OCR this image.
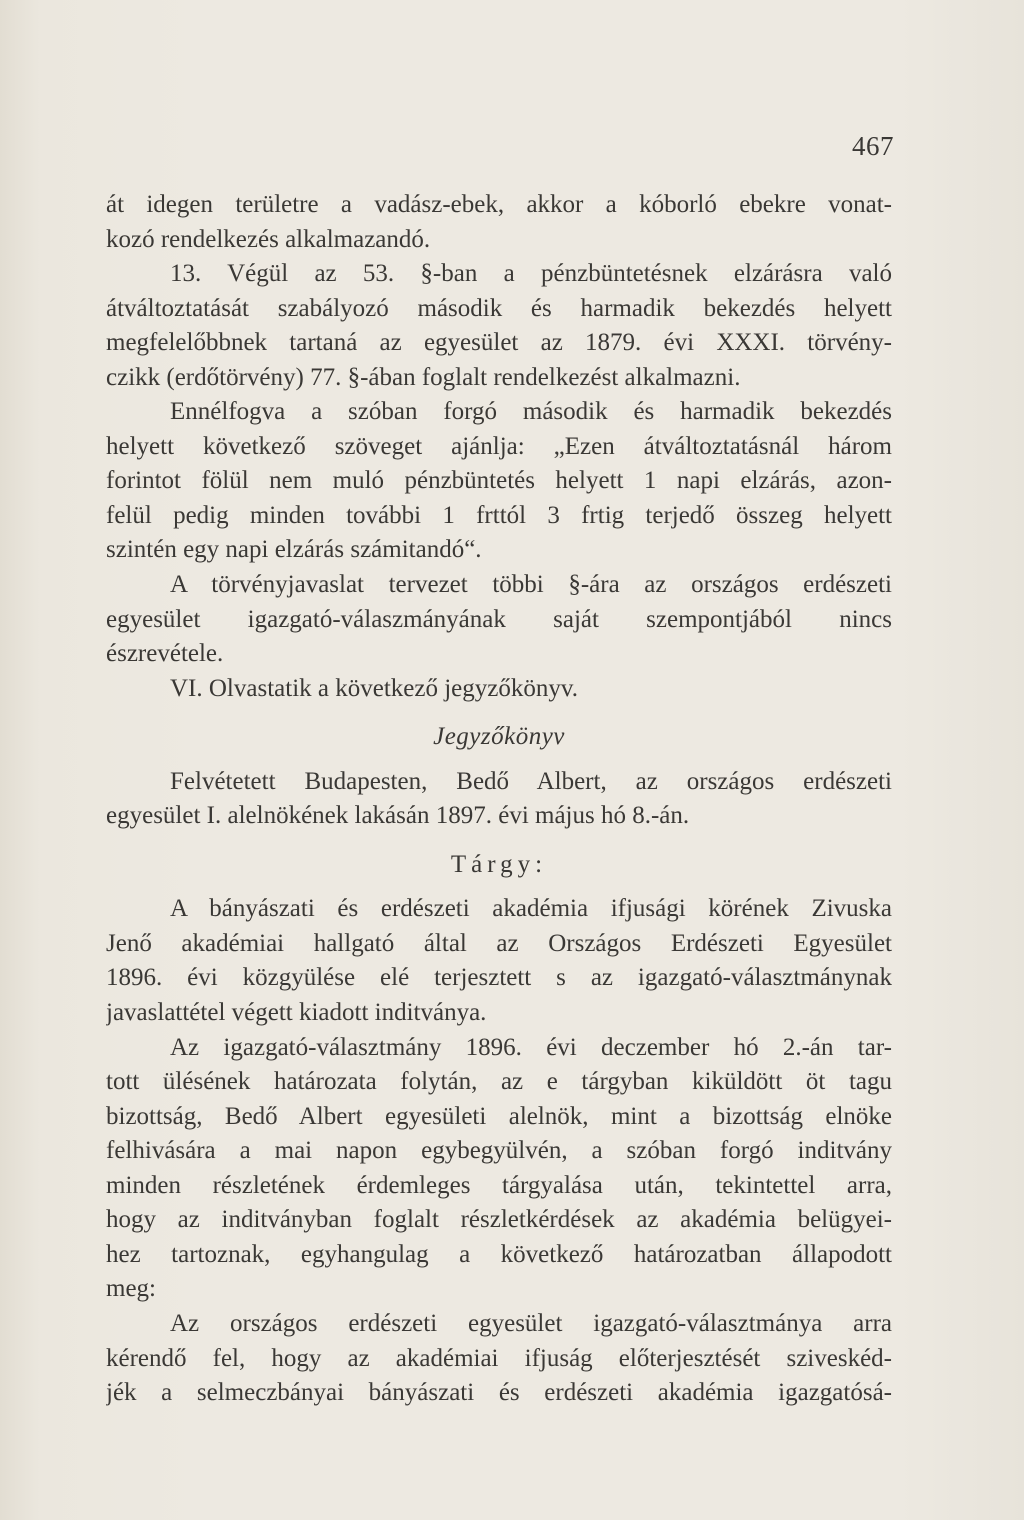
467
át idegen területre a vadász-ebek, akkor a kóborló ebekre vonat-
kozó rendelkezés alkalmazandó.
13. Végül az 53. §-ban a pénzbüntetésnek elzárásra való
átváltoztatását szabályozó második és harmadik bekezdés helyett
megfelelőbbnek tartaná az egyesület az 1879. évi XXXI. törvény-
czikk (erdőtörvény) 77. §-ában foglalt rendelkezést alkalmazni.
Ennélfogva a szóban forgó második és harmadik bekezdés
helyett következő szöveget ajánlja: „Ezen átváltoztatásnál három
forintot fölül nem muló pénzbüntetés helyett 1 napi elzárás, azon-
felül pedig minden további 1 frttól 3 frtig terjedő összeg helyett
szintén egy napi elzárás számitandó“.
A törvényjavaslat tervezet többi §-ára az országos erdészeti
egyesület igazgató-válaszmányának saját szempontjából nincs
észrevétele.
VI. Olvastatik a következő jegyzőkönyv.
Jegyzőkönyv
Felvétetett Budapesten, Bedő Albert, az országos erdészeti
egyesület I. alelnökének lakásán 1897. évi május hó 8.-án.
Tárgy:
A bányászati és erdészeti akadémia ifjusági körének Zivuska
Jenő akadémiai hallgató által az Országos Erdészeti Egyesület
1896. évi közgyülése elé terjesztett s az igazgató-választmánynak
javaslattétel végett kiadott inditványa.
Az igazgató-választmány 1896. évi deczember hó 2.-án tar-
tott ülésének határozata folytán, az e tárgyban kiküldött öt tagu
bizottság, Bedő Albert egyesületi alelnök, mint a bizottság elnöke
felhivására a mai napon egybegyülvén, a szóban forgó inditvány
minden részletének érdemleges tárgyalása után, tekintettel arra,
hogy az inditványban foglalt részletkérdések az akadémia belügyei-
hez tartoznak, egyhangulag a következő határozatban állapodott
meg:
Az országos erdészeti egyesület igazgató-választmánya arra
kérendő fel, hogy az akadémiai ifjuság előterjesztését sziveskéd-
jék a selmeczbányai bányászati és erdészeti akadémia igazgatósá-
